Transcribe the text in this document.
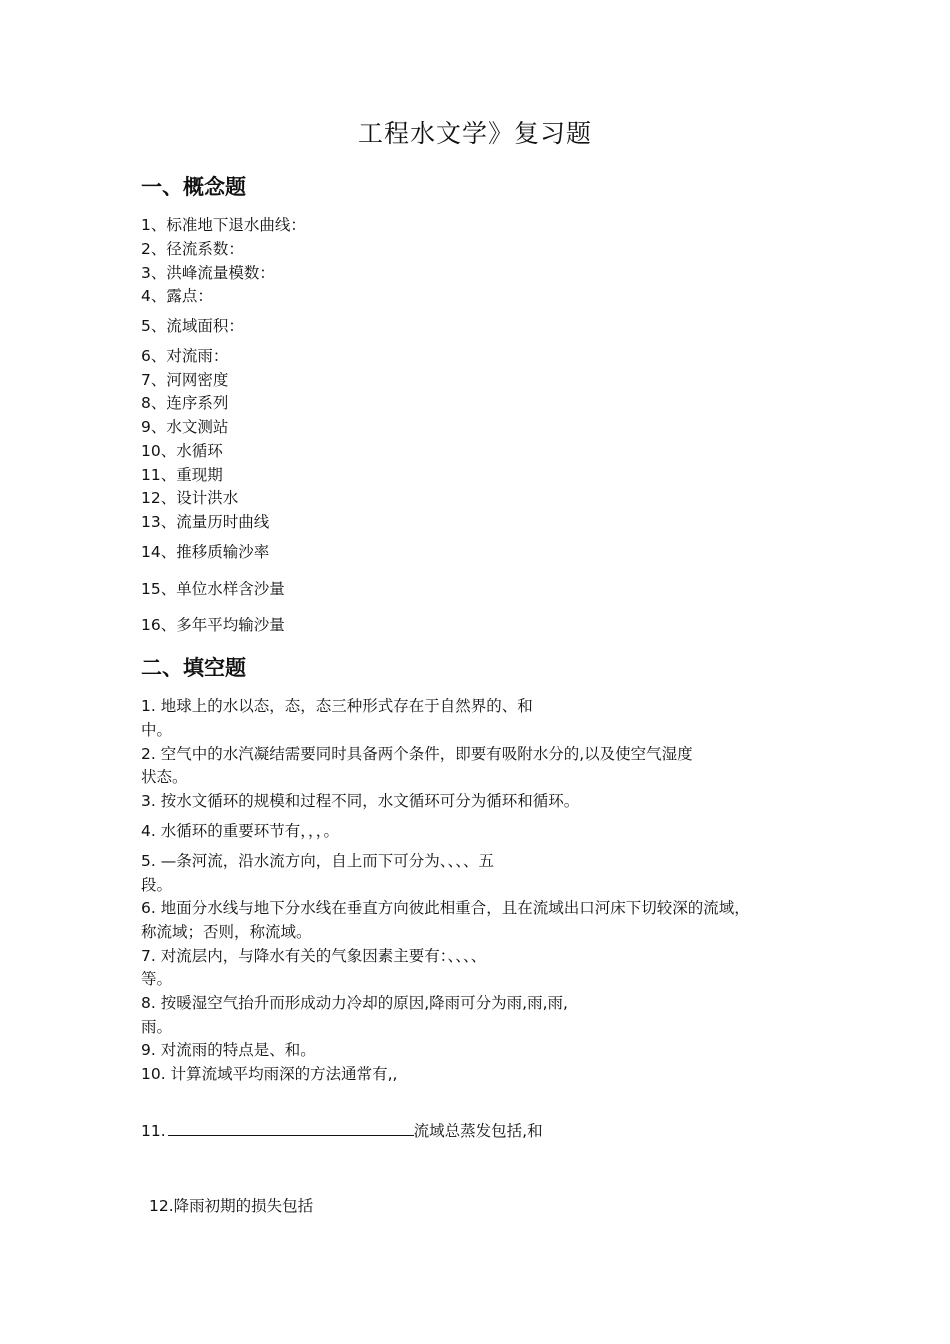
工程水文学》复习题
一、概念题
1、标准地下退水曲线：
2、径流系数：
3、洪峰流量模数：
4、露点：
5、流域面积：
6、对流雨：
7、河网密度
8、连序系列
9、水文测站
10、水循环
11、重现期
12、设计洪水
13、流量历时曲线
14、推移质输沙率
15、单位水样含沙量
16、多年平均输沙量
二、填空题
1. 地球上的水以态，态，态三种形式存在于自然界的、和
中。
2. 空气中的水汽凝结需要同时具备两个条件，即要有吸附水分的,以及使空气湿度
状态。
3. 按水文循环的规模和过程不同，水文循环可分为循环和循环。
4. 水循环的重要环节有，，，。
5. —条河流，沿水流方向，自上而下可分为、、、、五
段。
6. 地面分水线与地下分水线在垂直方向彼此相重合，且在流域出口河床下切较深的流域，
称流域；否则，称流域。
7. 对流层内，与降水有关的气象因素主要有：、、、、
等。
8. 按暖湿空气抬升而形成动力冷却的原因,降雨可分为雨,雨,雨,
雨。
9. 对流雨的特点是、和。
10. 计算流域平均雨深的方法通常有,,
11.	流域总蒸发包括,和
12.降雨初期的损失包括
